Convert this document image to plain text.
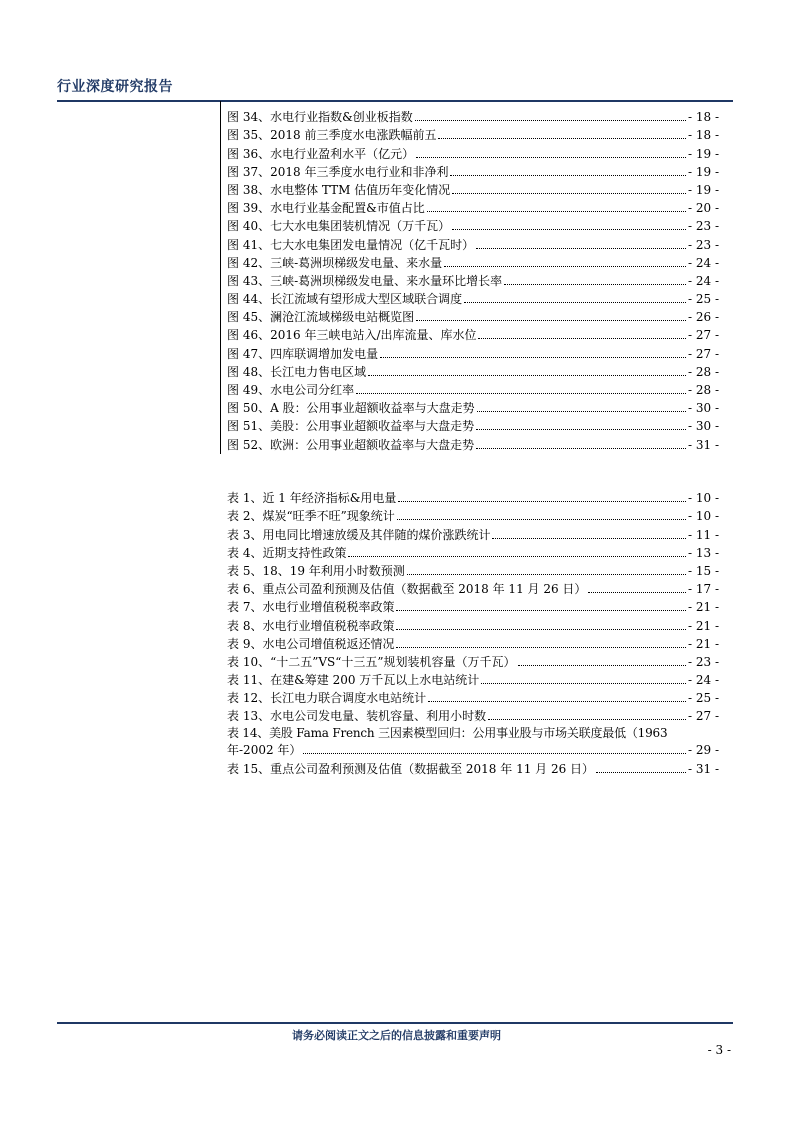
行业深度研究报告
图 34、水电行业指数&创业板指数	- 18 -
图 35、2018 前三季度水电涨跌幅前五	- 18 -
图 36、水电行业盈利水平（亿元）	- 19 -
图 37、2018 年三季度水电行业和非净利	- 19 -
图 38、水电整体 TTM 估值历年变化情况	- 19 -
图 39、水电行业基金配置&市值占比	- 20 -
图 40、七大水电集团装机情况（万千瓦）	- 23 -
图 41、七大水电集团发电量情况（亿千瓦时）	- 23 -
图 42、三峡-葛洲坝梯级发电量、来水量	- 24 -
图 43、三峡-葛洲坝梯级发电量、来水量环比增长率	- 24 -
图 44、长江流域有望形成大型区域联合调度	- 25 -
图 45、澜沧江流域梯级电站概览图	- 26 -
图 46、2016 年三峡电站入/出库流量、库水位	- 27 -
图 47、四库联调增加发电量	- 27 -
图 48、长江电力售电区域	- 28 -
图 49、水电公司分红率	- 28 -
图 50、A 股：公用事业超额收益率与大盘走势	- 30 -
图 51、美股：公用事业超额收益率与大盘走势	- 30 -
图 52、欧洲：公用事业超额收益率与大盘走势	- 31 -
表 1、近 1 年经济指标&用电量	- 10 -
表 2、煤炭“旺季不旺”现象统计	- 10 -
表 3、用电同比增速放缓及其伴随的煤价涨跌统计	- 11 -
表 4、近期支持性政策	- 13 -
表 5、18、19 年利用小时数预测	- 15 -
表 6、重点公司盈利预测及估值（数据截至 2018 年 11 月 26 日）	- 17 -
表 7、水电行业增值税税率政策	- 21 -
表 8、水电行业增值税税率政策	- 21 -
表 9、水电公司增值税返还情况	- 21 -
表 10、“十二五”VS“十三五”规划装机容量（万千瓦）	- 23 -
表 11、在建&筹建 200 万千瓦以上水电站统计	- 24 -
表 12、长江电力联合调度水电站统计	- 25 -
表 13、水电公司发电量、装机容量、利用小时数	- 27 -
表 14、美股 Fama French 三因素模型回归：公用事业股与市场关联度最低（1963
年-2002 年）	- 29 -
表 15、重点公司盈利预测及估值（数据截至 2018 年 11 月 26 日）	- 31 -
请务必阅读正文之后的信息披露和重要声明
- 3 -
